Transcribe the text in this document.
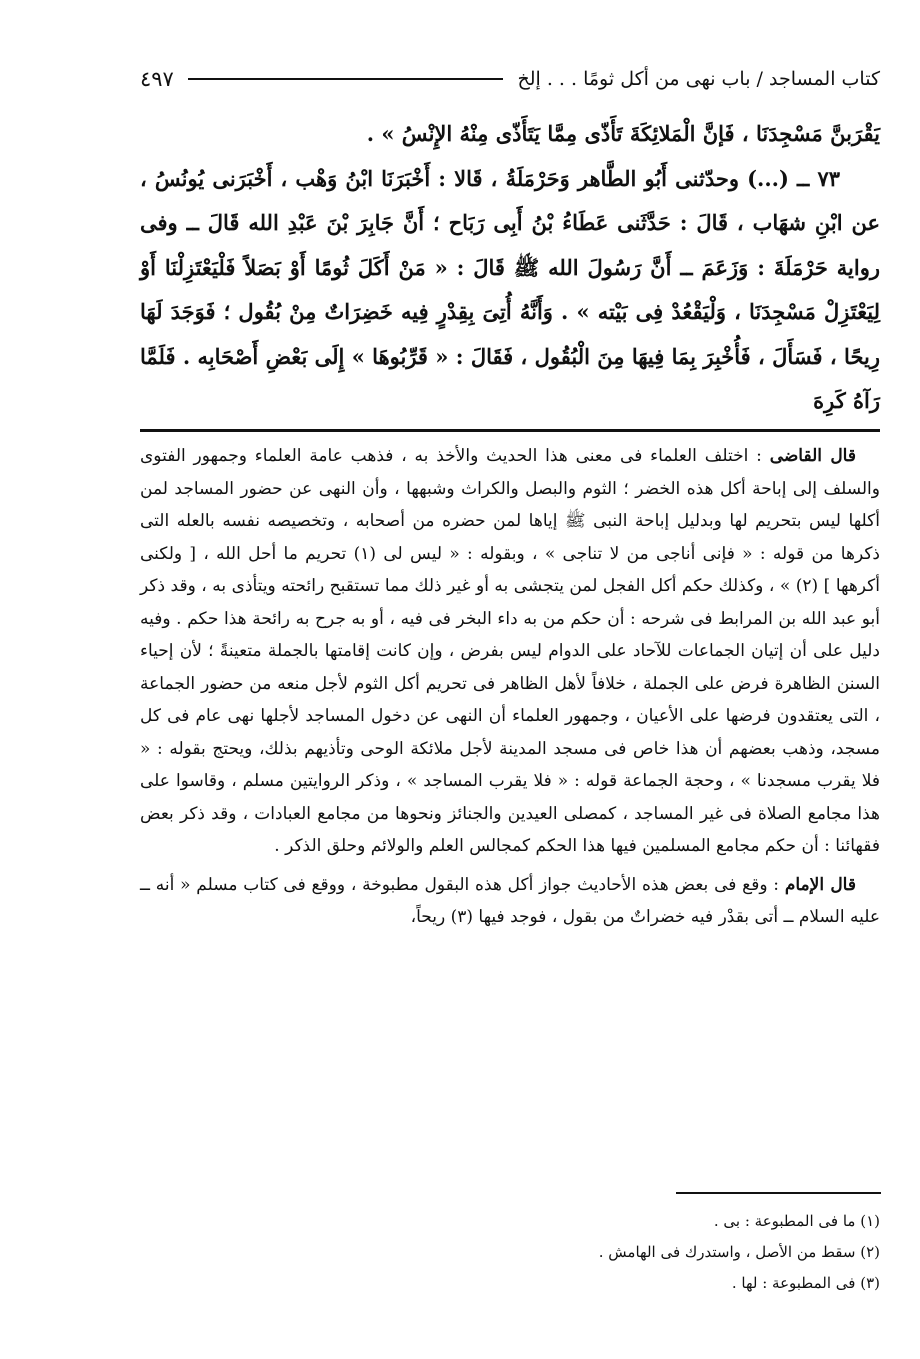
كتاب المساجد / باب نهى من أكل ثومًا . . . إلخ
٤٩٧

يَقْرَبنَّ مَسْجِدَنَا ، فَإنَّ الْمَلائِكَةَ تَأَذّى مِمَّا يَتَأَذّى مِنْهُ الإِنْسُ » .

٧٣ ــ (...) وحدّثنى أَبُو الطَّاهر وَحَرْمَلَةُ ، قَالا : أَخْبَرَنَا ابْنُ وَهْب ، أَخْبَرَنى يُونُسُ ، عن ابْنِ شهَاب ، قَالَ : حَدَّثَنى عَطَاءُ بْنُ أَبِى رَبَاح ؛ أَنَّ جَابِرَ بْنَ عَبْدِ الله قَالَ ــ وفى رواية حَرْمَلَةَ : وَزَعَمَ ــ أَنَّ رَسُولَ الله ﷺ قَالَ : « مَنْ أَكَلَ ثُومًا أَوْ بَصَلاً فَلْيَعْتَزِلْنَا أَوْ لِيَعْتَزِلْ مَسْجِدَنَا ، وَلْيَقْعُدْ فِى بَيْته » . وَأَنَّهُ أُتِىَ بِقِدْرٍ فِيه خَضِرَاتٌ مِنْ بُقُول ؛ فَوَجَدَ لَهَا رِيحًا ، فَسَأَلَ ، فَأُخْبِرَ بِمَا فِيهَا مِنَ الْبُقُول ، فَقَالَ : « قَرِّبُوهَا » إِلَى بَعْضِ أَصْحَابِه . فَلَمَّا رَآهُ كَرِهَ

قال القاضى : اختلف العلماء فى معنى هذا الحديث والأخذ به ، فذهب عامة العلماء وجمهور الفتوى والسلف إلى إباحة أكل هذه الخضر ؛ الثوم والبصل والكراث وشبهها ، وأن النهى عن حضور المساجد لمن أكلها ليس بتحريم لها وبدليل إباحة النبى ﷺ إياها لمن حضره من أصحابه ، وتخصيصه نفسه بالعله التى ذكرها من قوله : « فإنى أناجى من لا تناجى » ، وبقوله : « ليس لى (١) تحريم ما أحل الله ، [ ولكنى أكرهها ] (٢) » ، وكذلك حكم أكل الفجل لمن يتجشى به أو غير ذلك مما تستقبح رائحته ويتأذى به ، وقد ذكر أبو عبد الله بن المرابط فى شرحه : أن حكم من به داء البخر فى فيه ، أو به جرح به رائحة هذا حكم . وفيه دليل على أن إتيان الجماعات للآحاد على الدوام ليس بفرض ، وإن كانت إقامتها بالجملة متعينةً ؛ لأن إحياء السنن الظاهرة فرض على الجملة ، خلافاً لأهل الظاهر فى تحريم أكل الثوم لأجل منعه من حضور الجماعة ، التى يعتقدون فرضها على الأعيان ، وجمهور العلماء أن النهى عن دخول المساجد لأجلها نهى عام فى كل مسجد، وذهب بعضهم أن هذا خاص فى مسجد المدينة لأجل ملائكة الوحى وتأذيهم بذلك، ويحتج بقوله : « فلا يقرب مسجدنا » ، وحجة الجماعة قوله : « فلا يقرب المساجد » ، وذكر الروايتين مسلم ، وقاسوا على هذا مجامع الصلاة فى غير المساجد ، كمصلى العيدين والجنائز ونحوها من مجامع العبادات ، وقد ذكر بعض فقهائنا : أن حكم مجامع المسلمين فيها هذا الحكم كمجالس العلم والولائم وحلق الذكر .

قال الإمام : وقع فى بعض هذه الأحاديث جواز أكل هذه البقول مطبوخة ، ووقع فى كتاب مسلم « أنه ــ عليه السلام ــ أتى بقدْر فيه خضراتٌ من بقول ، فوجد فيها (٣) ريحاً،

(١) ما فى المطبوعة : بى .
(٢) سقط من الأصل ، واستدرك فى الهامش .
(٣) فى المطبوعة : لها .
